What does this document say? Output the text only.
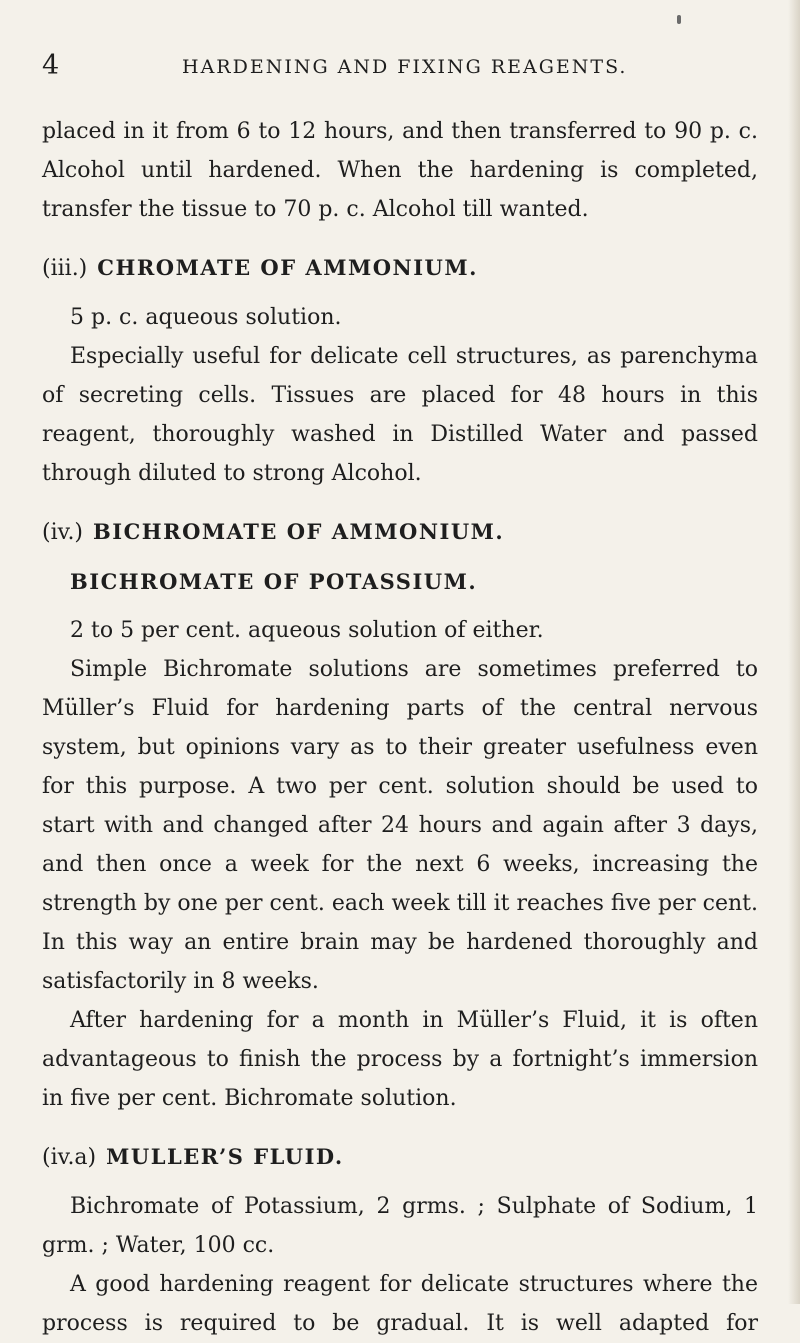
4	HARDENING AND FIXING REAGENTS.

placed in it from 6 to 12 hours, and then transferred to 90 p. c. Alcohol until hardened. When the hardening is completed, transfer the tissue to 70 p. c. Alcohol till wanted.

(iii.) CHROMATE OF AMMONIUM.

5 p. c. aqueous solution.

Especially useful for delicate cell structures, as parenchyma of secreting cells. Tissues are placed for 48 hours in this reagent, thoroughly washed in Distilled Water and passed through diluted to strong Alcohol.

(iv.) BICHROMATE OF AMMONIUM.
BICHROMATE OF POTASSIUM.

2 to 5 per cent. aqueous solution of either.

Simple Bichromate solutions are sometimes preferred to Müller’s Fluid for hardening parts of the central nervous system, but opinions vary as to their greater usefulness even for this purpose. A two per cent. solution should be used to start with and changed after 24 hours and again after 3 days, and then once a week for the next 6 weeks, increasing the strength by one per cent. each week till it reaches five per cent. In this way an entire brain may be hardened thoroughly and satisfactorily in 8 weeks.

After hardening for a month in Müller’s Fluid, it is often advantageous to finish the process by a fortnight’s immersion in five per cent. Bichromate solution.

(iv.a) MULLER’S FLUID.

Bichromate of Potassium, 2 grms. ; Sulphate of Sodium, 1 grm. ; Water, 100 cc.

A good hardening reagent for delicate structures where the process is required to be gradual. It is well adapted for
